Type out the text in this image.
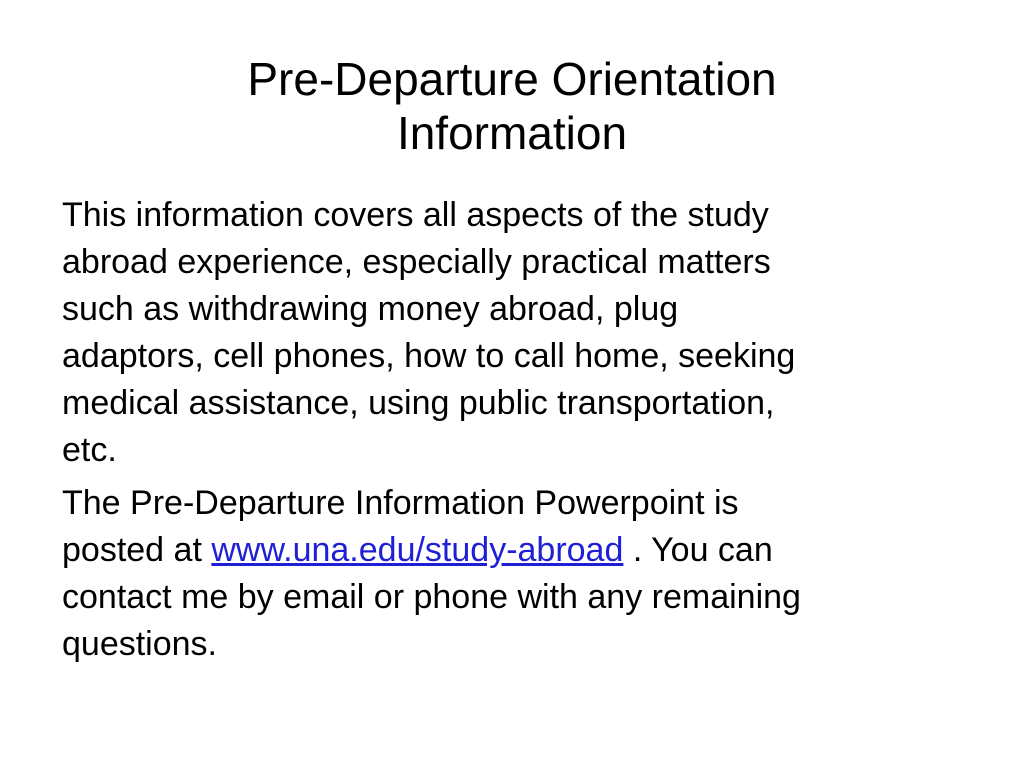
Pre-Departure Orientation
Information

This information covers all aspects of the study
abroad experience, especially practical matters
such as withdrawing money abroad, plug
adaptors, cell phones, how to call home, seeking
medical assistance, using public transportation,
etc.

The Pre-Departure Information Powerpoint is
posted at www.una.edu/study-abroad . You can
contact me by email or phone with any remaining
questions.
